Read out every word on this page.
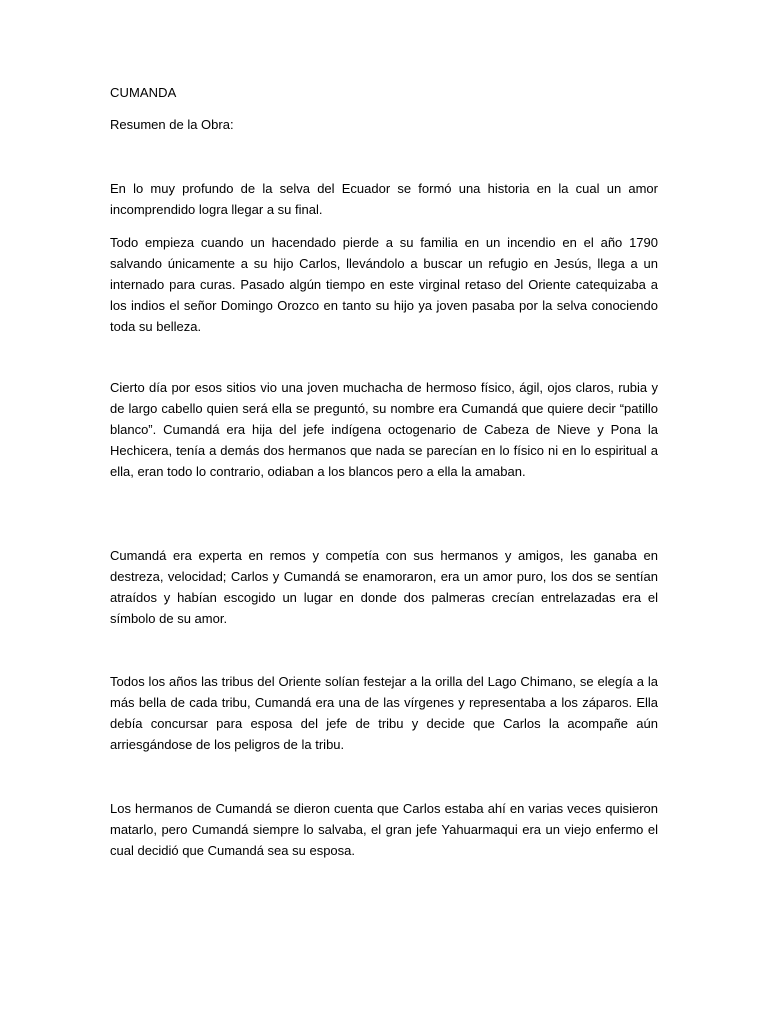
CUMANDA
Resumen de la Obra:

En lo muy profundo de la selva del Ecuador se formó una historia en la cual un amor incomprendido logra llegar a su final.

Todo empieza cuando un hacendado pierde a su familia en un incendio en el año 1790 salvando únicamente a su hijo Carlos, llevándolo a buscar un refugio en Jesús, llega a un internado para curas. Pasado algún tiempo en este virginal retaso del Oriente catequizaba a los indios el señor Domingo Orozco en tanto su hijo ya joven pasaba por la selva conociendo toda su belleza.

Cierto día por esos sitios vio una joven muchacha de hermoso físico, ágil, ojos claros, rubia y de largo cabello quien será ella se preguntó, su nombre era Cumandá que quiere decir “patillo blanco”. Cumandá era hija del jefe indígena octogenario de Cabeza de Nieve y Pona la Hechicera, tenía a demás dos hermanos que nada se parecían en lo físico ni en lo espiritual a ella, eran todo lo contrario, odiaban a los blancos pero a ella la amaban.

Cumandá era experta en remos y competía con sus hermanos y amigos, les ganaba en destreza, velocidad; Carlos y Cumandá se enamoraron, era un amor puro, los dos se sentían atraídos y habían escogido un lugar en donde dos palmeras crecían entrelazadas era el símbolo de su amor.

Todos los años las tribus del Oriente solían festejar a la orilla del Lago Chimano, se elegía a la más bella de cada tribu, Cumandá era una de las vírgenes y representaba a los záparos. Ella debía concursar para esposa del jefe de tribu y decide que Carlos la acompañe aún arriesgándose de los peligros de la tribu.

Los hermanos de Cumandá se dieron cuenta que Carlos estaba ahí en varias veces quisieron matarlo, pero Cumandá siempre lo salvaba, el gran jefe Yahuarmaqui era un viejo enfermo el cual decidió que Cumandá sea su esposa.
